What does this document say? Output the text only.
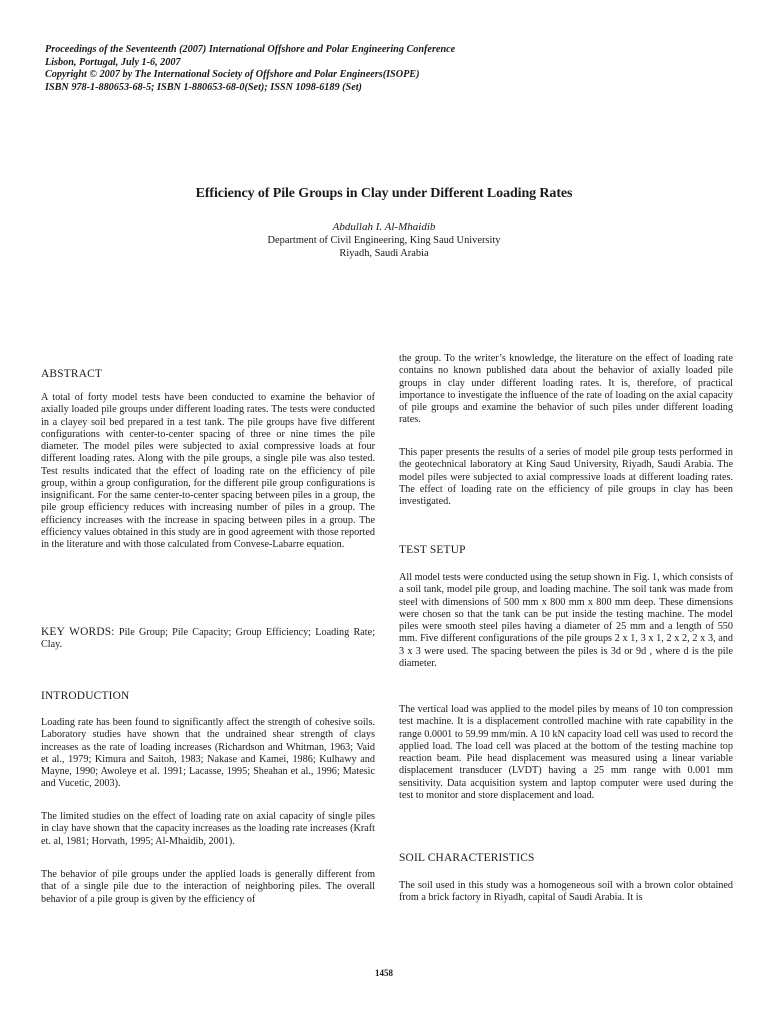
Proceedings of the Seventeenth (2007) International Offshore and Polar Engineering Conference
Lisbon, Portugal, July 1-6, 2007
Copyright © 2007 by The International Society of Offshore and Polar Engineers(ISOPE)
ISBN 978-1-880653-68-5; ISBN 1-880653-68-0(Set); ISSN 1098-6189 (Set)
Efficiency of Pile Groups in Clay under Different Loading Rates
Abdullah I. Al-Mhaidib
Department of Civil Engineering, King Saud University
Riyadh, Saudi Arabia
ABSTRACT
A total of forty model tests have been conducted to examine the behavior of axially loaded pile groups under different loading rates. The tests were conducted in a clayey soil bed prepared in a test tank. The pile groups have five different configurations with center-to-center spacing of three or nine times the pile diameter. The model piles were subjected to axial compressive loads at four different loading rates. Along with the pile groups, a single pile was also tested. Test results indicated that the effect of loading rate on the efficiency of pile group, within a group configuration, for the different pile group configurations is insignificant. For the same center-to-center spacing between piles in a group, the pile group efficiency reduces with increasing number of piles in a group. The efficiency increases with the increase in spacing between piles in a group. The efficiency values obtained in this study are in good agreement with those reported in the literature and with those calculated from Convese-Labarre equation.
KEY WORDS: Pile Group; Pile Capacity; Group Efficiency; Loading Rate; Clay.
INTRODUCTION
Loading rate has been found to significantly affect the strength of cohesive soils. Laboratory studies have shown that the undrained shear strength of clays increases as the rate of loading increases (Richardson and Whitman, 1963; Vaid et al., 1979; Kimura and Saitoh, 1983; Nakase and Kamei, 1986; Kulhawy and Mayne, 1990; Awoleye et al. 1991; Lacasse, 1995; Sheahan et al., 1996; Matesic and Vucetic, 2003).
The limited studies on the effect of loading rate on axial capacity of single piles in clay have shown that the capacity increases as the loading rate increases (Kraft et. al, 1981; Horvath, 1995; Al-Mhaidib, 2001).
The behavior of pile groups under the applied loads is generally different from that of a single pile due to the interaction of neighboring piles. The overall behavior of a pile group is given by the efficiency of
the group. To the writer’s knowledge, the literature on the effect of loading rate contains no known published data about the behavior of axially loaded pile groups in clay under different loading rates. It is, therefore, of practical importance to investigate the influence of the rate of loading on the axial capacity of pile groups and examine the behavior of such piles under different loading rates.
This paper presents the results of a series of model pile group tests performed in the geotechnical laboratory at King Saud University, Riyadh, Saudi Arabia. The model piles were subjected to axial compressive loads at different loading rates. The effect of loading rate on the efficiency of pile groups in clay has been investigated.
TEST SETUP
All model tests were conducted using the setup shown in Fig. 1, which consists of a soil tank, model pile group, and loading machine. The soil tank was made from steel with dimensions of 500 mm x 800 mm x 800 mm deep. These dimensions were chosen so that the tank can be put inside the testing machine. The model piles were smooth steel piles having a diameter of 25 mm and a length of 550 mm. Five different configurations of the pile groups 2 x 1, 3 x 1, 2 x 2, 2 x 3, and 3 x 3 were used. The spacing between the piles is 3d or 9d , where d is the pile diameter.
The vertical load was applied to the model piles by means of 10 ton compression test machine. It is a displacement controlled machine with rate capability in the range 0.0001 to 59.99 mm/min. A 10 kN capacity load cell was used to record the applied load. The load cell was placed at the bottom of the testing machine top reaction beam. Pile head displacement was measured using a linear variable displacement transducer (LVDT) having a 25 mm range with 0.001 mm sensitivity. Data acquisition system and laptop computer were used during the test to monitor and store displacement and load.
SOIL CHARACTERISTICS
The soil used in this study was a homogeneous soil with a brown color obtained from a brick factory in Riyadh, capital of Saudi Arabia. It is
1458
